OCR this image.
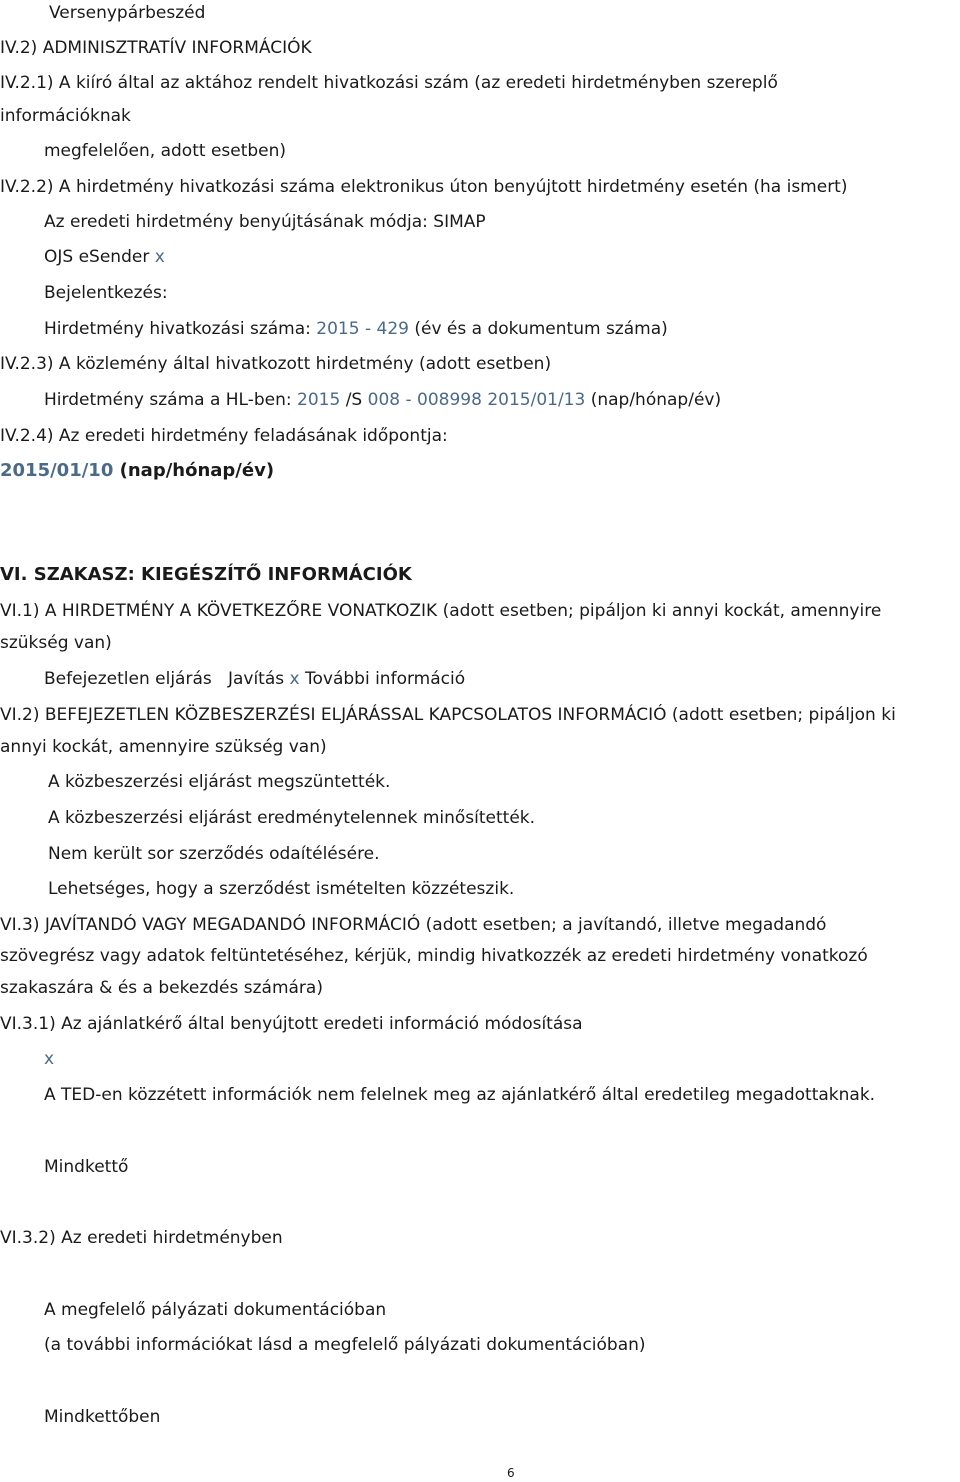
Versenypárbeszéd
IV.2) ADMINISZTRATÍV INFORMÁCIÓK
IV.2.1) A kiíró által az aktához rendelt hivatkozási szám (az eredeti hirdetményben szereplő
információknak
megfelelően, adott esetben)
IV.2.2) A hirdetmény hivatkozási száma elektronikus úton benyújtott hirdetmény esetén (ha ismert)
Az eredeti hirdetmény benyújtásának módja: SIMAP
OJS eSender x
Bejelentkezés:
Hirdetmény hivatkozási száma: 2015 - 429 (év és a dokumentum száma)
IV.2.3) A közlemény által hivatkozott hirdetmény (adott esetben)
Hirdetmény száma a HL-ben: 2015 /S 008 - 008998 2015/01/13 (nap/hónap/év)
IV.2.4) Az eredeti hirdetmény feladásának időpontja:
2015/01/10 (nap/hónap/év)
VI. SZAKASZ: KIEGÉSZÍTŐ INFORMÁCIÓK
VI.1) A HIRDETMÉNY A KÖVETKEZŐRE VONATKOZIK (adott esetben; pipáljon ki annyi kockát, amennyire
szükség van)
Befejezetlen eljárás Javítás x További információ
VI.2) BEFEJEZETLEN KÖZBESZERZÉSI ELJÁRÁSSAL KAPCSOLATOS INFORMÁCIÓ (adott esetben; pipáljon ki
annyi kockát, amennyire szükség van)
A közbeszerzési eljárást megszüntették.
A közbeszerzési eljárást eredménytelennek minősítették.
Nem került sor szerződés odaítélésére.
Lehetséges, hogy a szerződést ismételten közzéteszik.
VI.3) JAVÍTANDÓ VAGY MEGADANDÓ INFORMÁCIÓ (adott esetben; a javítandó, illetve megadandó
szövegrész vagy adatok feltüntetéséhez, kérjük, mindig hivatkozzék az eredeti hirdetmény vonatkozó
szakaszára & és a bekezdés számára)
VI.3.1) Az ajánlatkérő által benyújtott eredeti információ módosítása
x
A TED-en közzétett információk nem felelnek meg az ajánlatkérő által eredetileg megadottaknak.
Mindkettő
VI.3.2) Az eredeti hirdetményben
A megfelelő pályázati dokumentációban
(a további információkat lásd a megfelelő pályázati dokumentációban)
Mindkettőben
6
